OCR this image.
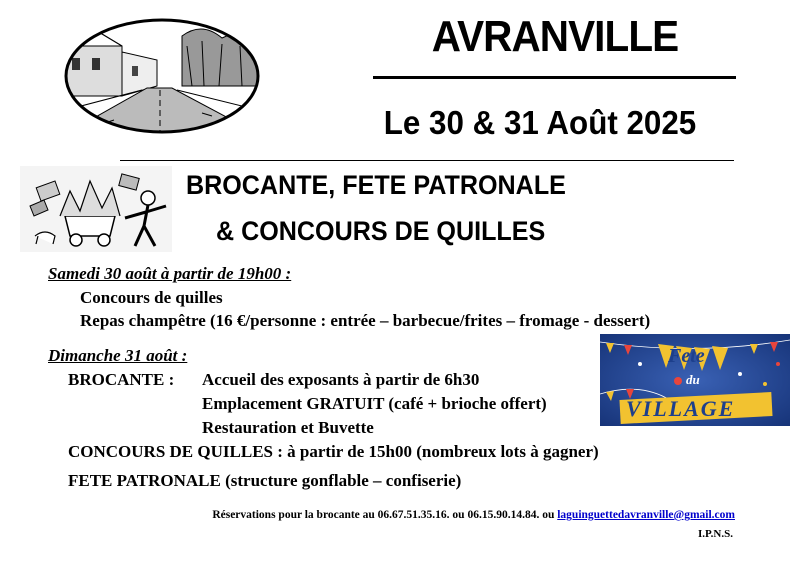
AVRANVILLE
Le 30 & 31 Août 2025
BROCANTE, FETE PATRONALE
& CONCOURS DE QUILLES
Samedi 30 août à partir de 19h00 :
Concours de quilles
Repas champêtre (16 €/personne : entrée – barbecue/frites – fromage - dessert)
Dimanche 31 août :
BROCANTE : Accueil des exposants à partir de 6h30
Emplacement GRATUIT (café + brioche offert)
Restauration et Buvette
CONCOURS DE QUILLES : à partir de 15h00 (nombreux lots à gagner)
FETE PATRONALE (structure gonflable – confiserie)
Fete
du
VILLAGE
Réservations pour la brocante au 06.67.51.35.16. ou 06.15.90.14.84. ou laguinguettedavranville@gmail.com
I.P.N.S.
